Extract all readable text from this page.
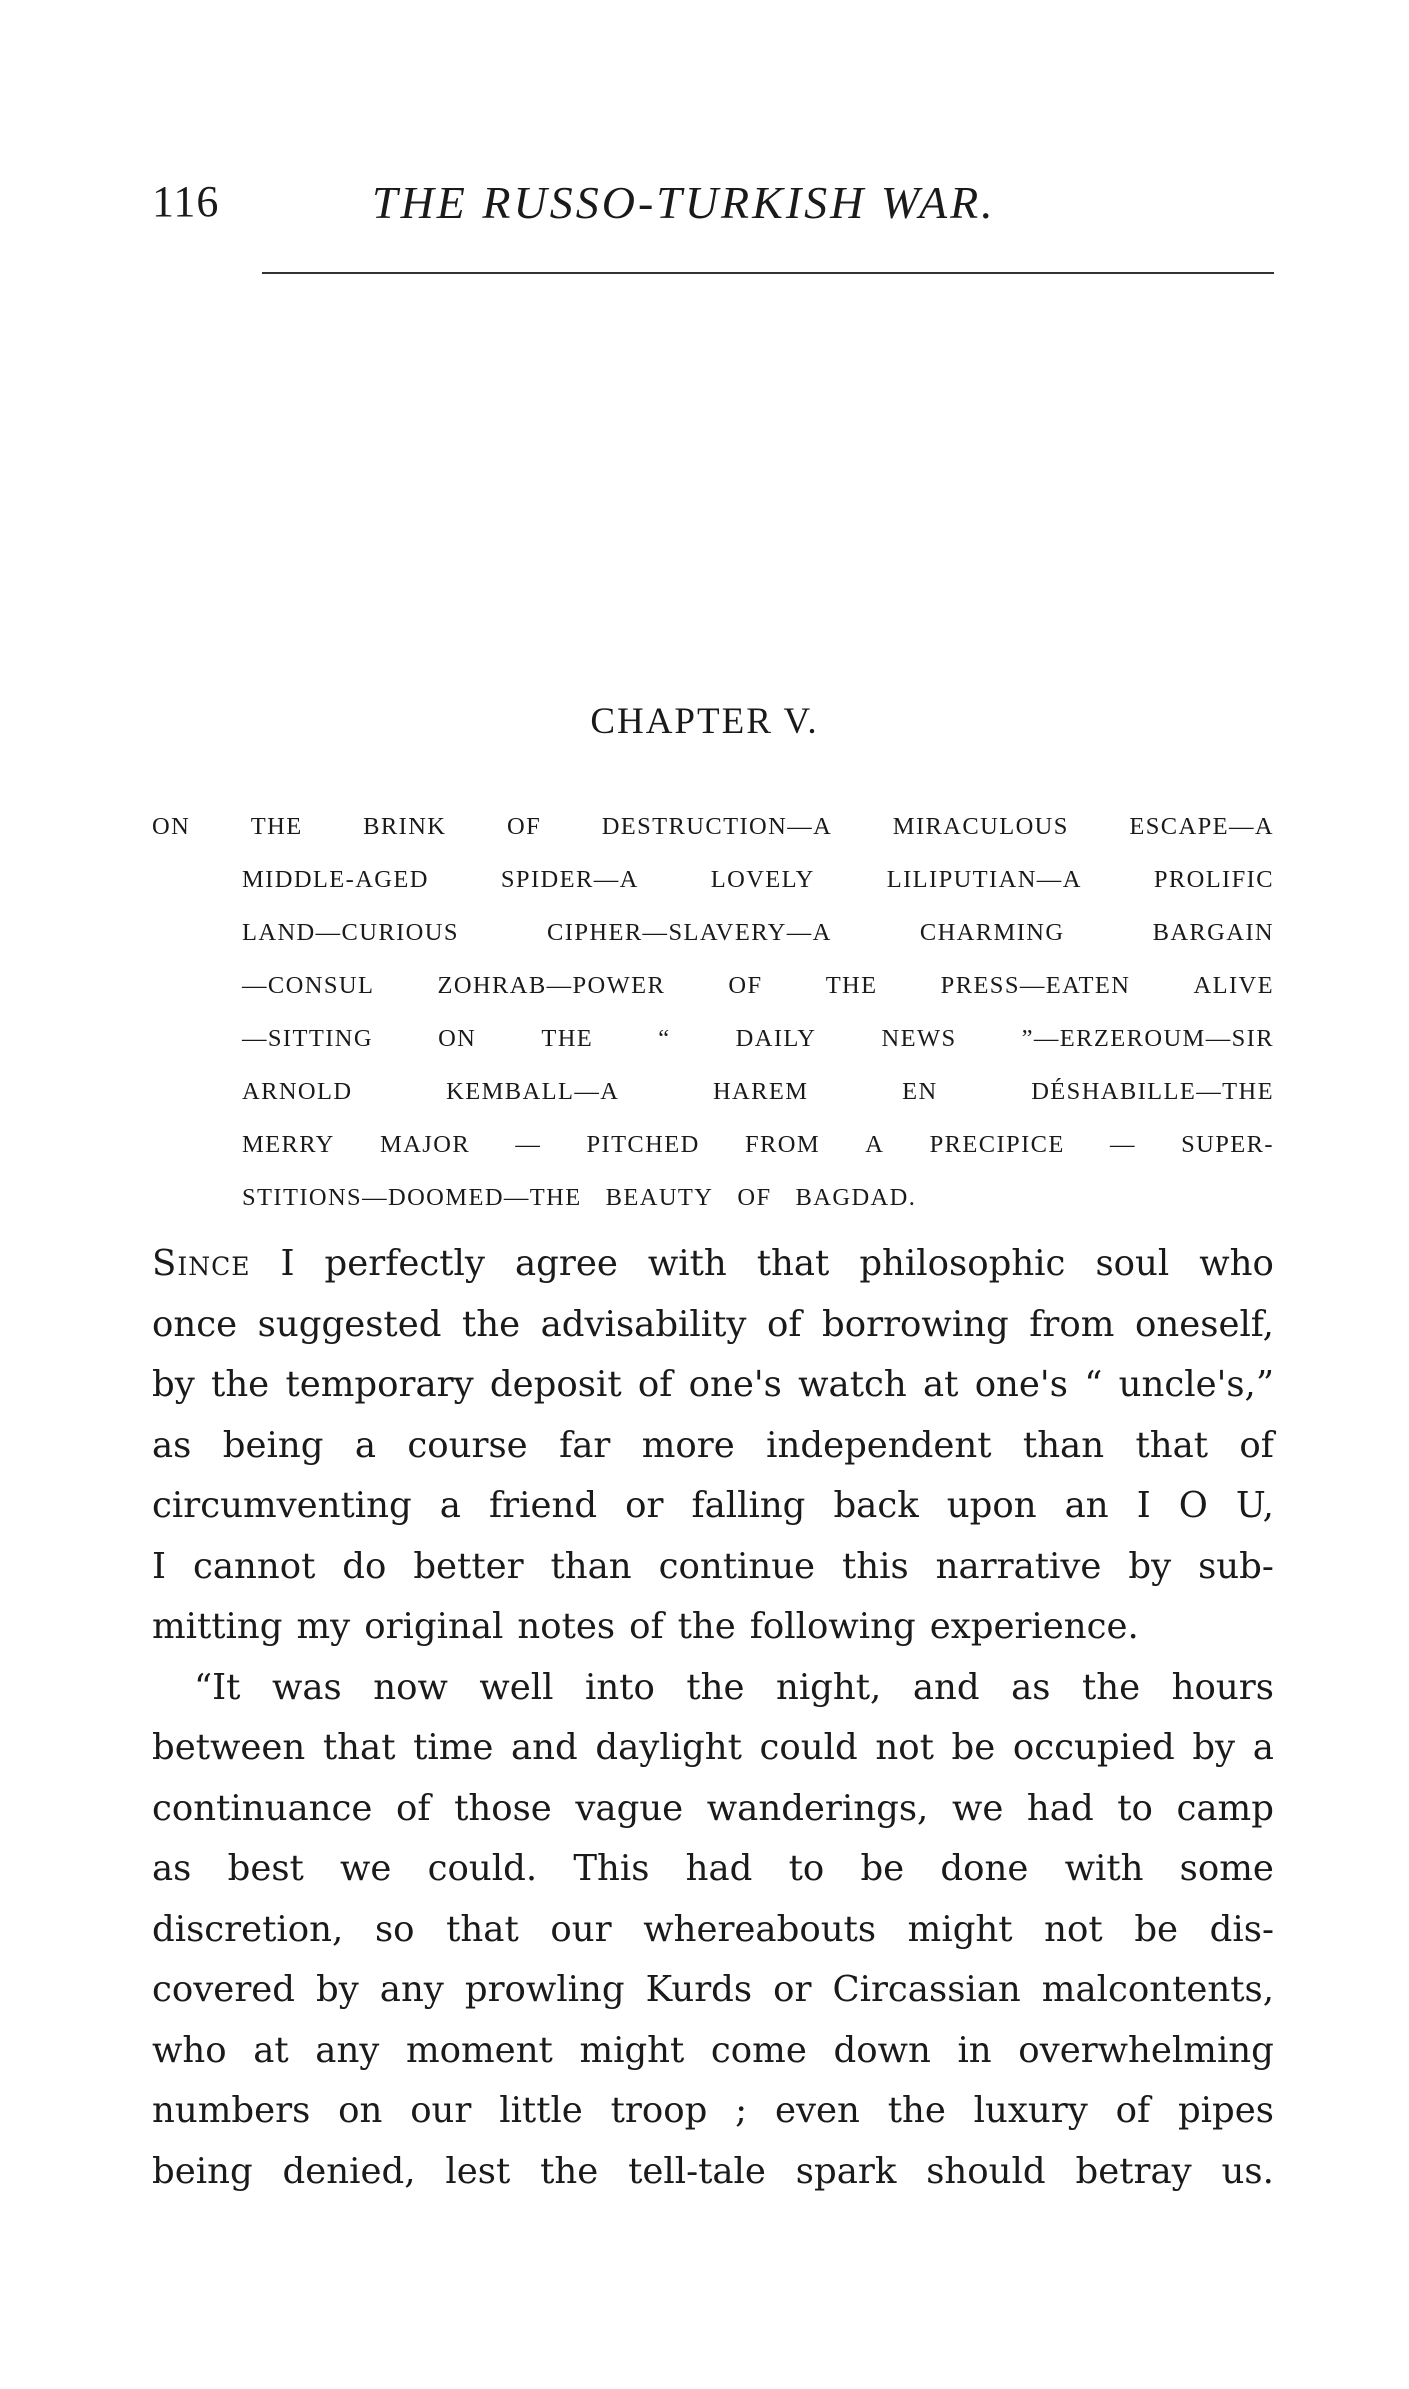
116	THE RUSSO-TURKISH WAR.
CHAPTER V.
ON THE BRINK OF DESTRUCTION—A MIRACULOUS ESCAPE—A
MIDDLE-AGED	SPIDER—A	LOVELY	LILIPUTIAN—A	PROLIFIC
LAND—CURIOUS	CIPHER—SLAVERY—A	CHARMING	BARGAIN
—CONSUL	ZOHRAB—POWER	OF	THE	PRESS—EATEN	ALIVE
—SITTING	ON	THE	“	DAILY	NEWS	”—ERZEROUM—SIR
ARNOLD	KEMBALL—A	HAREM	EN	DÉSHABILLE—THE
MERRY MAJOR — PITCHED FROM A PRECIPICE — SUPER-
STITIONS—DOOMED—THE BEAUTY OF BAGDAD.
Since I perfectly agree with that philosophic soul who
once suggested the advisability of borrowing from oneself,
by the temporary deposit of one's watch at one's “ uncle's,”
as being a course far more independent than that of
circumventing a friend or falling back upon an I O U,
I cannot do better than continue this narrative by sub-
mitting my original notes of the following experience.
“It was now well into the night, and as the hours
between that time and daylight could not be occupied by a
continuance of those vague wanderings, we had to camp
as best we could. This had to be done with some
discretion, so that our whereabouts might not be dis-
covered by any prowling Kurds or Circassian malcontents,
who at any moment might come down in overwhelming
numbers on our little troop ; even the luxury of pipes
being denied, lest the tell-tale spark should betray us.
